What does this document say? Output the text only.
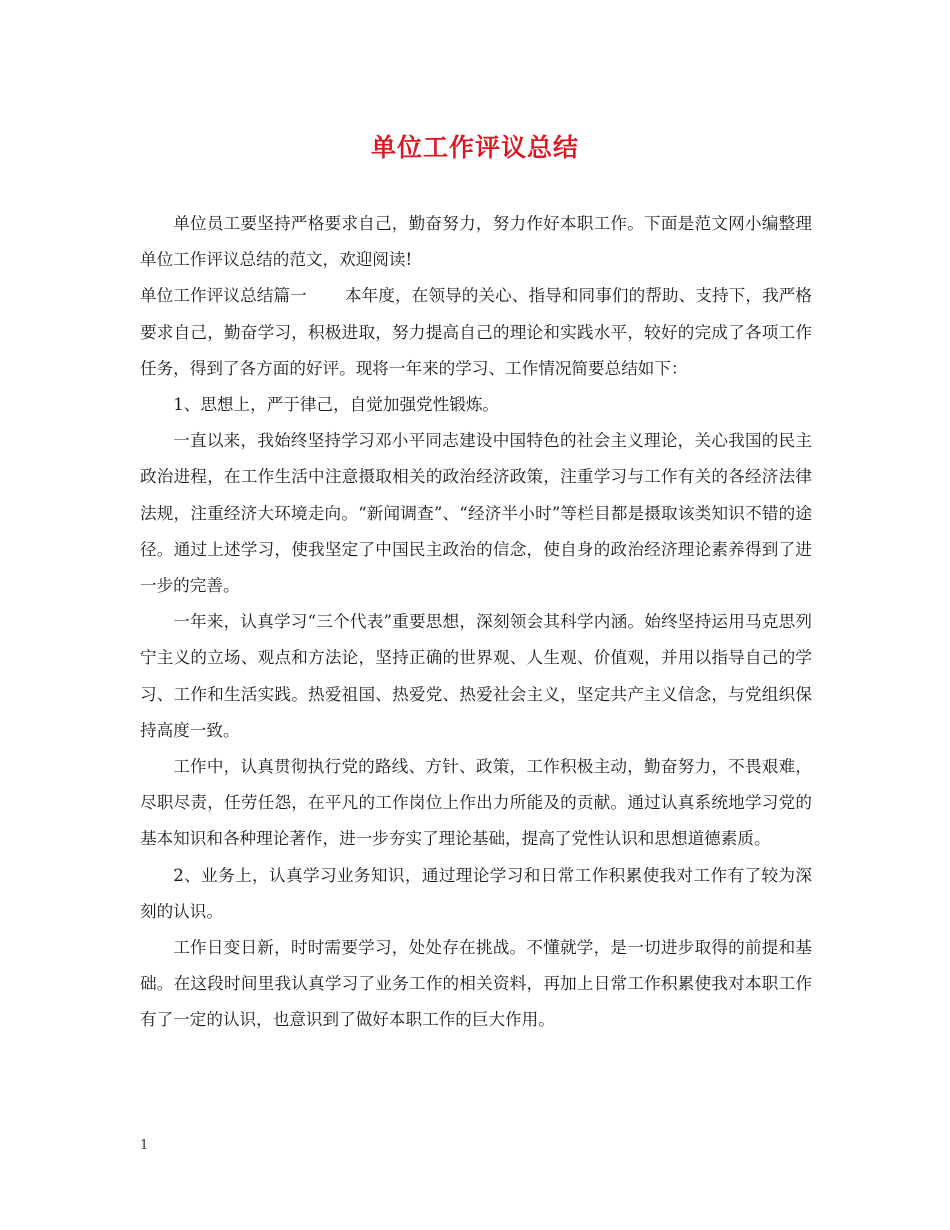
单位工作评议总结

单位员工要坚持严格要求自己，勤奋努力，努力作好本职工作。下面是范文网小编整理单位工作评议总结的范文，欢迎阅读!

单位工作评议总结篇一 本年度，在领导的关心、指导和同事们的帮助、支持下，我严格要求自己，勤奋学习，积极进取，努力提高自己的理论和实践水平，较好的完成了各项工作任务，得到了各方面的好评。现将一年来的学习、工作情况简要总结如下：

1、思想上，严于律己，自觉加强党性锻炼。

一直以来，我始终坚持学习邓小平同志建设中国特色的社会主义理论，关心我国的民主政治进程，在工作生活中注意摄取相关的政治经济政策，注重学习与工作有关的各经济法律法规，注重经济大环境走向。“新闻调查”、“经济半小时”等栏目都是摄取该类知识不错的途径。通过上述学习，使我坚定了中国民主政治的信念，使自身的政治经济理论素养得到了进一步的完善。

一年来，认真学习“三个代表”重要思想，深刻领会其科学内涵。始终坚持运用马克思列宁主义的立场、观点和方法论，坚持正确的世界观、人生观、价值观，并用以指导自己的学习、工作和生活实践。热爱祖国、热爱党、热爱社会主义，坚定共产主义信念，与党组织保持高度一致。

工作中，认真贯彻执行党的路线、方针、政策，工作积极主动，勤奋努力，不畏艰难，尽职尽责，任劳任怨，在平凡的工作岗位上作出力所能及的贡献。通过认真系统地学习党的基本知识和各种理论著作，进一步夯实了理论基础，提高了党性认识和思想道德素质。

2、业务上，认真学习业务知识，通过理论学习和日常工作积累使我对工作有了较为深刻的认识。

工作日变日新，时时需要学习，处处存在挑战。不懂就学，是一切进步取得的前提和基础。在这段时间里我认真学习了业务工作的相关资料，再加上日常工作积累使我对本职工作有了一定的认识，也意识到了做好本职工作的巨大作用。

1
